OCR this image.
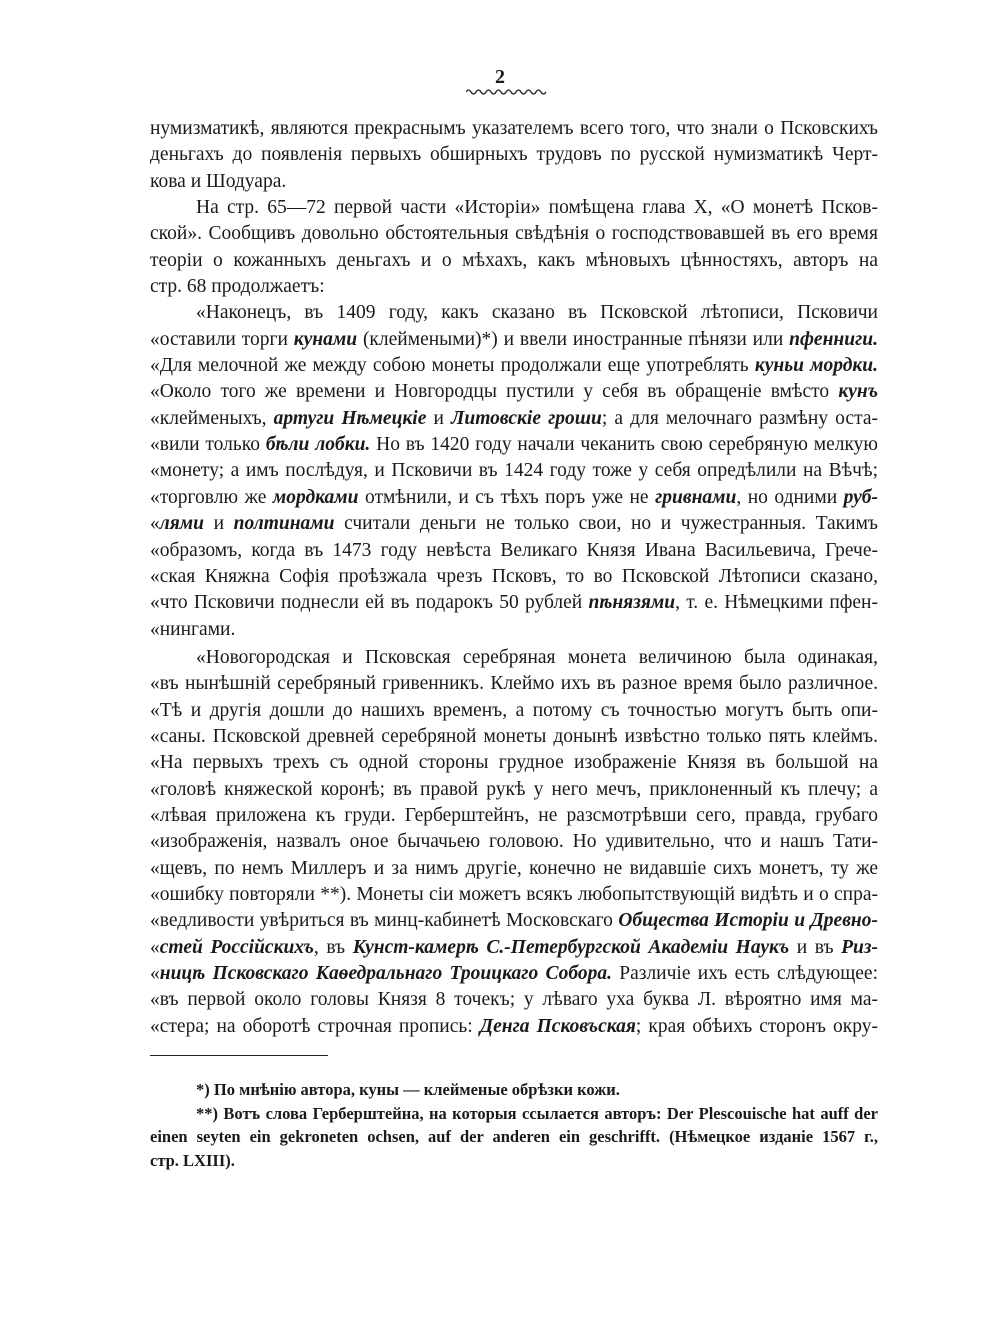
2
нумизматикѣ, являются прекраснымъ указателемъ всего того, что знали о Псковскихъ
деньгахъ до появленія первыхъ обширныхъ трудовъ по русской нумизматикѣ Черт-
кова и Шодуара.
На стр. 65—72 первой части «Исторіи» помѣщена глава X, «О монетѣ Псков-
ской». Сообщивъ довольно обстоятельныя свѣдѣнія о господствовавшей въ его время
теоріи о кожанныхъ деньгахъ и о мѣхахъ, какъ мѣновыхъ цѣнностяхъ, авторъ на
стр. 68 продолжаетъ:
«Наконецъ, въ 1409 году, какъ сказано въ Псковской лѣтописи, Псковичи
«оставили торги кунами (клеймеными)*) и ввели иностранные пѣнязи или пфенниги.
«Для мелочной же между собою монеты продолжали еще употреблять куньи мордки.
«Около того же времени и Новгородцы пустили у себя въ обращеніе вмѣсто кунъ
«клейменыхъ, артуги Нѣмецкіе и Литовскіе гроши; а для мелочнаго размѣну оста-
«вили только бѣли лобки. Но въ 1420 году начали чеканить свою серебряную мелкую
«монету; а имъ послѣдуя, и Псковичи въ 1424 году тоже у себя опредѣлили на Вѣчѣ;
«торговлю же мордками отмѣнили, и съ тѣхъ поръ уже не гривнами, но одними руб-
«лями и полтинами считали деньги не только свои, но и чужестранныя. Такимъ
«образомъ, когда въ 1473 году невѣста Великаго Князя Ивана Васильевича, Грече-
«ская Княжна Софія проѣзжала чрезъ Псковъ, то во Псковской Лѣтописи сказано,
«что Псковичи поднесли ей въ подарокъ 50 рублей пѣнязями, т. е. Нѣмецкими пфен-
«нингами.
«Новогородская и Псковская серебряная монета величиною была одинакая,
«въ нынѣшній серебряный гривенникъ. Клеймо ихъ въ разное время было различное.
«Тѣ и другія дошли до нашихъ временъ, а потому съ точностью могутъ быть опи-
«саны. Псковской древней серебряной монеты донынѣ извѣстно только пять клеймъ.
«На первыхъ трехъ съ одной стороны грудное изображеніе Князя въ большой на
«головѣ княжеской коронѣ; въ правой рукѣ у него мечъ, приклоненный къ плечу; а
«лѣвая приложена къ груди. Герберштейнъ, не разсмотрѣвши сего, правда, грубаго
«изображенія, назвалъ оное бычачьею головою. Но удивительно, что и нашъ Тати-
«щевъ, по немъ Миллеръ и за нимъ другіе, конечно не видавшіе сихъ монетъ, ту же
«ошибку повторяли **). Монеты сіи можетъ всякъ любопытствующій видѣть и о спра-
«ведливости увѣриться въ минц-кабинетѣ Московскаго Общества Исторіи и Древно-
«стей Россійскихъ, въ Кунст-камерѣ С.-Петербургской Академіи Наукъ и въ Риз-
«ницѣ Псковскаго Каѳедральнаго Троицкаго Собора. Различіе ихъ есть слѣдующее:
«въ первой около головы Князя 8 точекъ; у лѣваго уха буква Л. вѣроятно имя ма-
«стера; на оборотѣ строчная пропись: Денга Псковъская; края обѣихъ сторонъ окру-
*) По мнѣнію автора, куны — клейменые обрѣзки кожи.
**) Вотъ слова Герберштейна, на которыя ссылается авторъ: Der Plescouische hat auff der
einen seyten ein gekroneten ochsen, auf der anderen ein geschrifft. (Нѣмецкое изданіе 1567 г.,
стр. LXIII).
